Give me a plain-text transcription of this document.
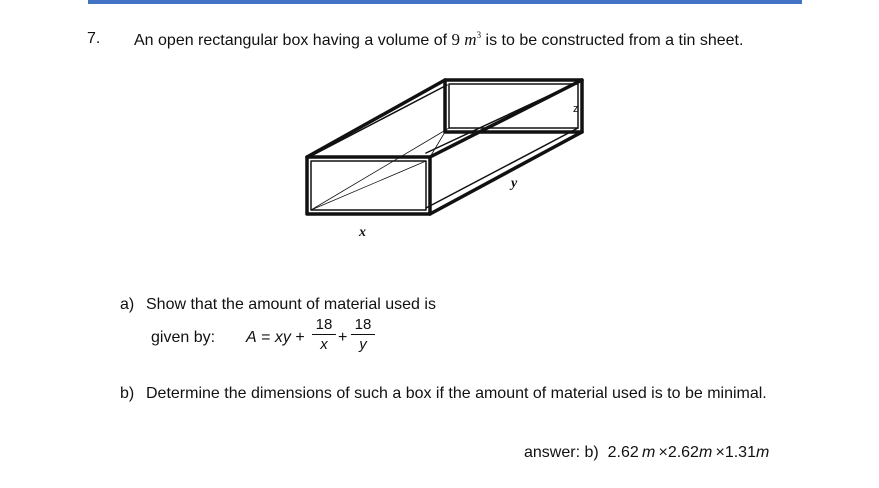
7. An open rectangular box having a volume of 9 $m^3$ is to be constructed from a tin sheet.
x
y
z
a) Show that the amount of material used is
given by: A = xy + $\frac{18}{x} + \frac{18}{y}$
b) Determine the dimensions of such a box if the amount of material used is to be minimal.
answer: b) 2.62  m  ×2.62m  ×1.31m
